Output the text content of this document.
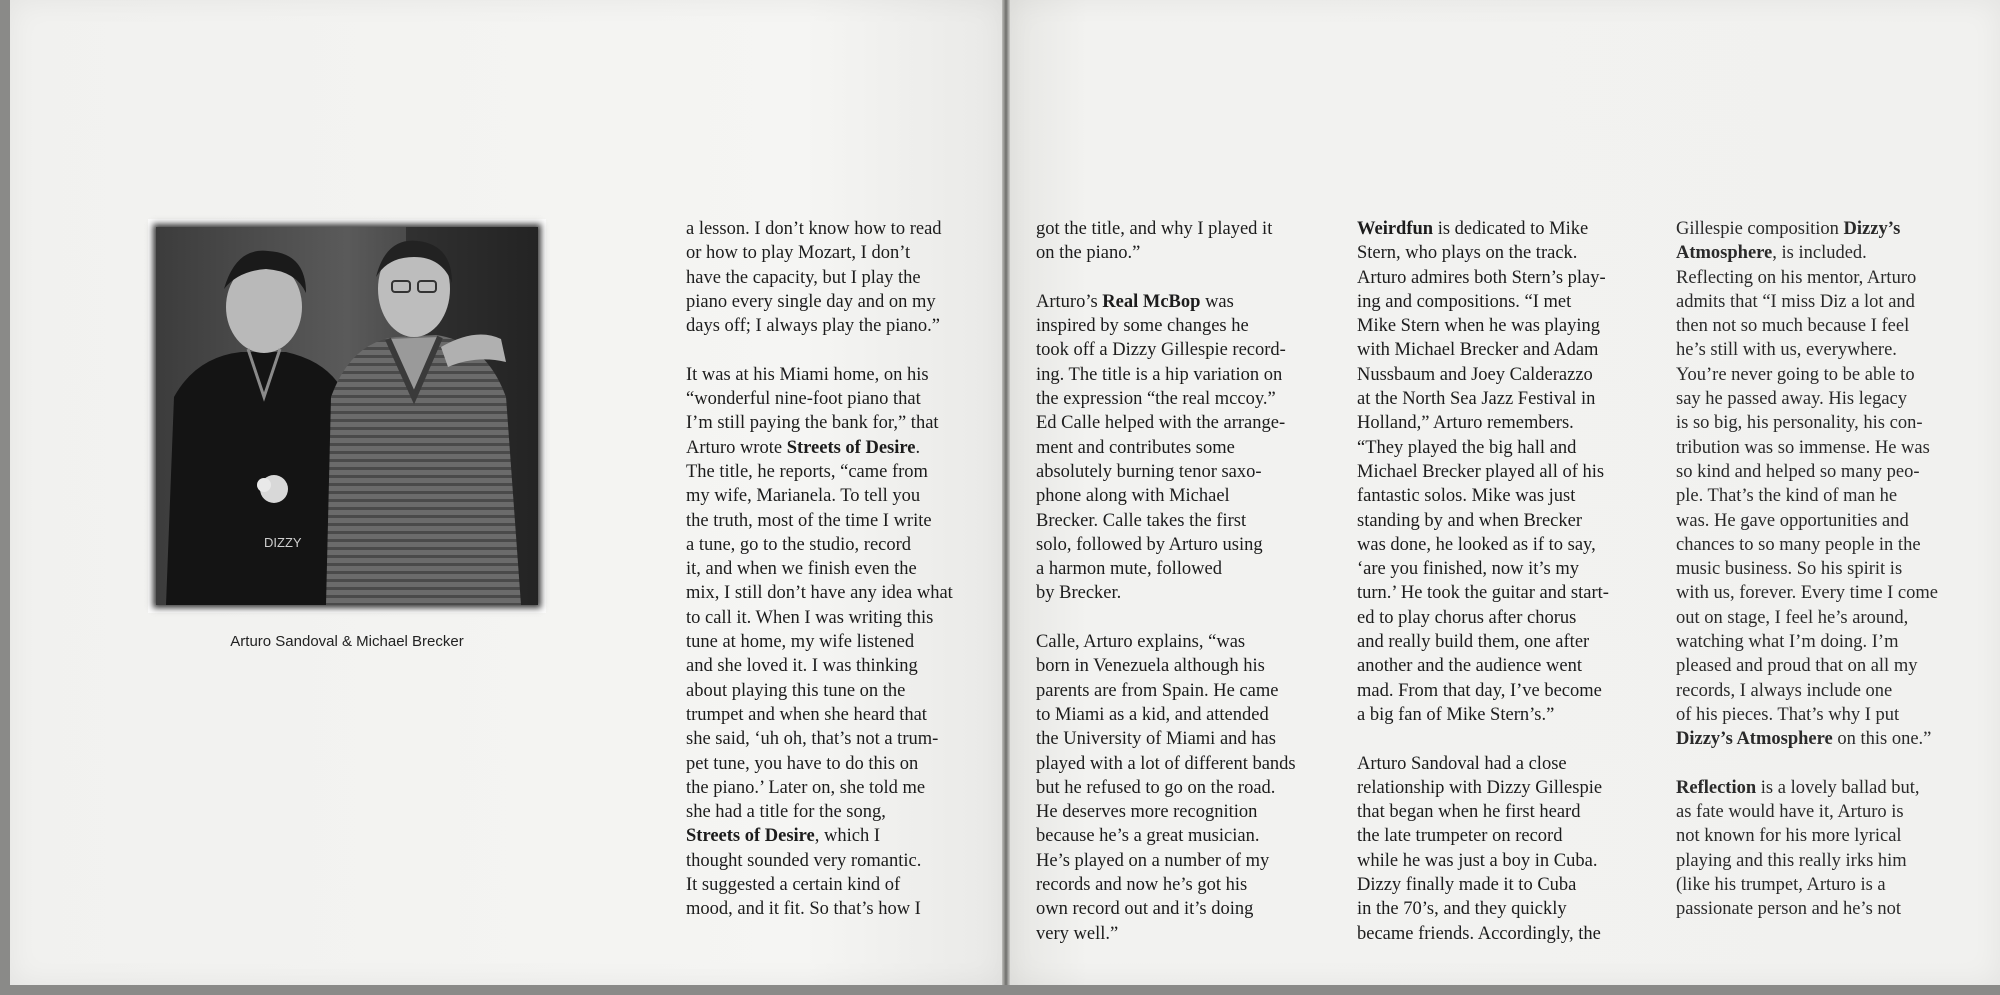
DIZZY
Arturo Sandoval & Michael Brecker

a lesson. I don’t know how to read
or how to play Mozart, I don’t
have the capacity, but I play the
piano every single day and on my
days off; I always play the piano.”

It was at his Miami home, on his
“wonderful nine-foot piano that
I’m still paying the bank for,” that
Arturo wrote Streets of Desire.
The title, he reports, “came from
my wife, Marianela. To tell you
the truth, most of the time I write
a tune, go to the studio, record
it, and when we finish even the
mix, I still don’t have any idea what
to call it. When I was writing this
tune at home, my wife listened
and she loved it. I was thinking
about playing this tune on the
trumpet and when she heard that
she said, ‘uh oh, that’s not a trum-
pet tune, you have to do this on
the piano.’ Later on, she told me
she had a title for the song,
Streets of Desire, which I
thought sounded very romantic.
It suggested a certain kind of
mood, and it fit. So that’s how I

got the title, and why I played it
on the piano.”

Arturo’s Real McBop was
inspired by some changes he
took off a Dizzy Gillespie record-
ing. The title is a hip variation on
the expression “the real mccoy.”
Ed Calle helped with the arrange-
ment and contributes some
absolutely burning tenor saxo-
phone along with Michael
Brecker. Calle takes the first
solo, followed by Arturo using
a harmon mute, followed
by Brecker.

Calle, Arturo explains, “was
born in Venezuela although his
parents are from Spain. He came
to Miami as a kid, and attended
the University of Miami and has
played with a lot of different bands
but he refused to go on the road.
He deserves more recognition
because he’s a great musician.
He’s played on a number of my
records and now he’s got his
own record out and it’s doing
very well.”

Weirdfun is dedicated to Mike
Stern, who plays on the track.
Arturo admires both Stern’s play-
ing and compositions. “I met
Mike Stern when he was playing
with Michael Brecker and Adam
Nussbaum and Joey Calderazzo
at the North Sea Jazz Festival in
Holland,” Arturo remembers.
“They played the big hall and
Michael Brecker played all of his
fantastic solos. Mike was just
standing by and when Brecker
was done, he looked as if to say,
‘are you finished, now it’s my
turn.’ He took the guitar and start-
ed to play chorus after chorus
and really build them, one after
another and the audience went
mad. From that day, I’ve become
a big fan of Mike Stern’s.”

Arturo Sandoval had a close
relationship with Dizzy Gillespie
that began when he first heard
the late trumpeter on record
while he was just a boy in Cuba.
Dizzy finally made it to Cuba
in the 70’s, and they quickly
became friends. Accordingly, the

Gillespie composition Dizzy’s
Atmosphere, is included.
Reflecting on his mentor, Arturo
admits that “I miss Diz a lot and
then not so much because I feel
he’s still with us, everywhere.
You’re never going to be able to
say he passed away. His legacy
is so big, his personality, his con-
tribution was so immense. He was
so kind and helped so many peo-
ple. That’s the kind of man he
was. He gave opportunities and
chances to so many people in the
music business. So his spirit is
with us, forever. Every time I come
out on stage, I feel he’s around,
watching what I’m doing. I’m
pleased and proud that on all my
records, I always include one
of his pieces. That’s why I put
Dizzy’s Atmosphere on this one.”

Reflection is a lovely ballad but,
as fate would have it, Arturo is
not known for his more lyrical
playing and this really irks him
(like his trumpet, Arturo is a
passionate person and he’s not
